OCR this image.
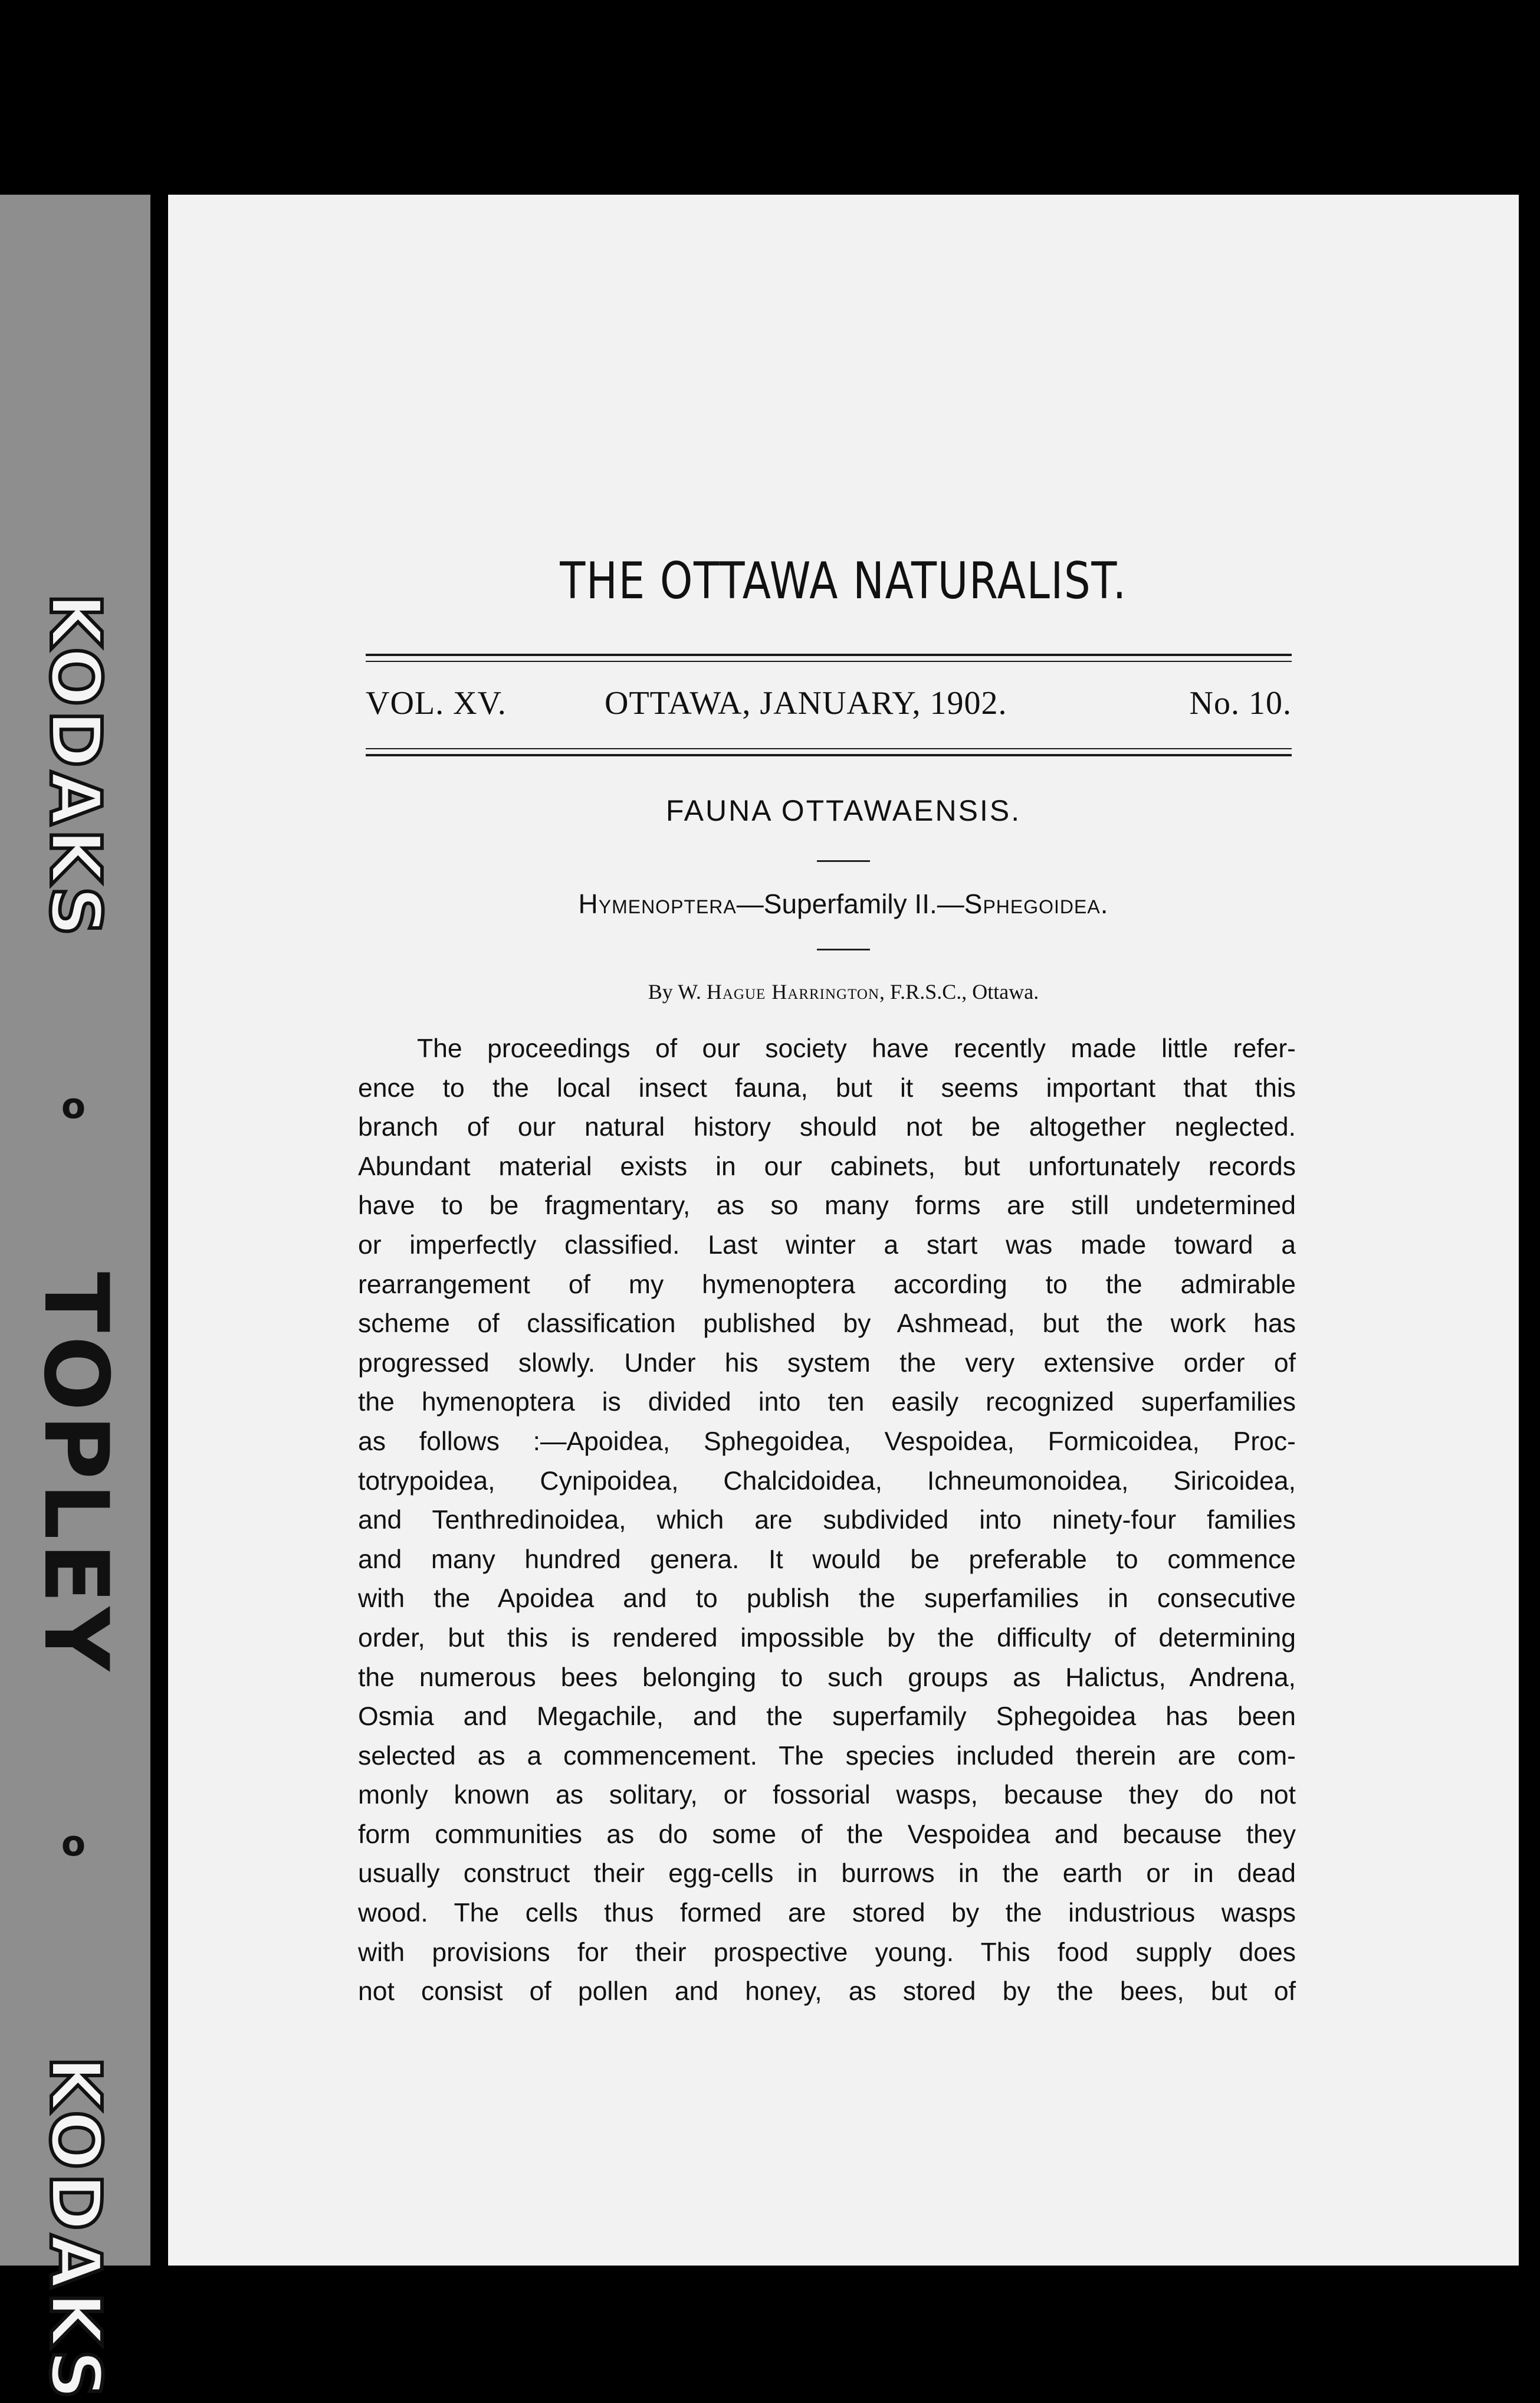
KODAKS
o
TOPLEY
o
KODAKS
THE OTTAWA NATURALIST.
VOL. XV.	OTTAWA, JANUARY, 1902.	No. 10.
FAUNA OTTAWAENSIS.
Hymenoptera—Superfamily II.—Sphegoidea.
By W. Hague Harrington, F.R.S.C., Ottawa.
The proceedings of our society have recently made little refer-
ence to the local insect fauna, but it seems important that this
branch of our natural history should not be altogether neglected.
Abundant material exists in our cabinets, but unfortunately records
have to be fragmentary, as so many forms are still undetermined
or imperfectly classified. Last winter a start was made toward a
rearrangement of my hymenoptera according to the admirable
scheme of classification published by Ashmead, but the work has
progressed slowly. Under his system the very extensive order of
the hymenoptera is divided into ten easily recognized superfamilies
as follows :—Apoidea, Sphegoidea, Vespoidea, Formicoidea, Proc-
totrypoidea, Cynipoidea, Chalcidoidea, Ichneumonoidea, Siricoidea,
and Tenthredinoidea, which are subdivided into ninety-four families
and many hundred genera. It would be preferable to commence
with the Apoidea and to publish the superfamilies in consecutive
order, but this is rendered impossible by the difficulty of determining
the numerous bees belonging to such groups as Halictus, Andrena,
Osmia and Megachile, and the superfamily Sphegoidea has been
selected as a commencement. The species included therein are com-
monly known as solitary, or fossorial wasps, because they do not
form communities as do some of the Vespoidea and because they
usually construct their egg-cells in burrows in the earth or in dead
wood. The cells thus formed are stored by the industrious wasps
with provisions for their prospective young. This food supply does
not consist of pollen and honey, as stored by the bees, but of
